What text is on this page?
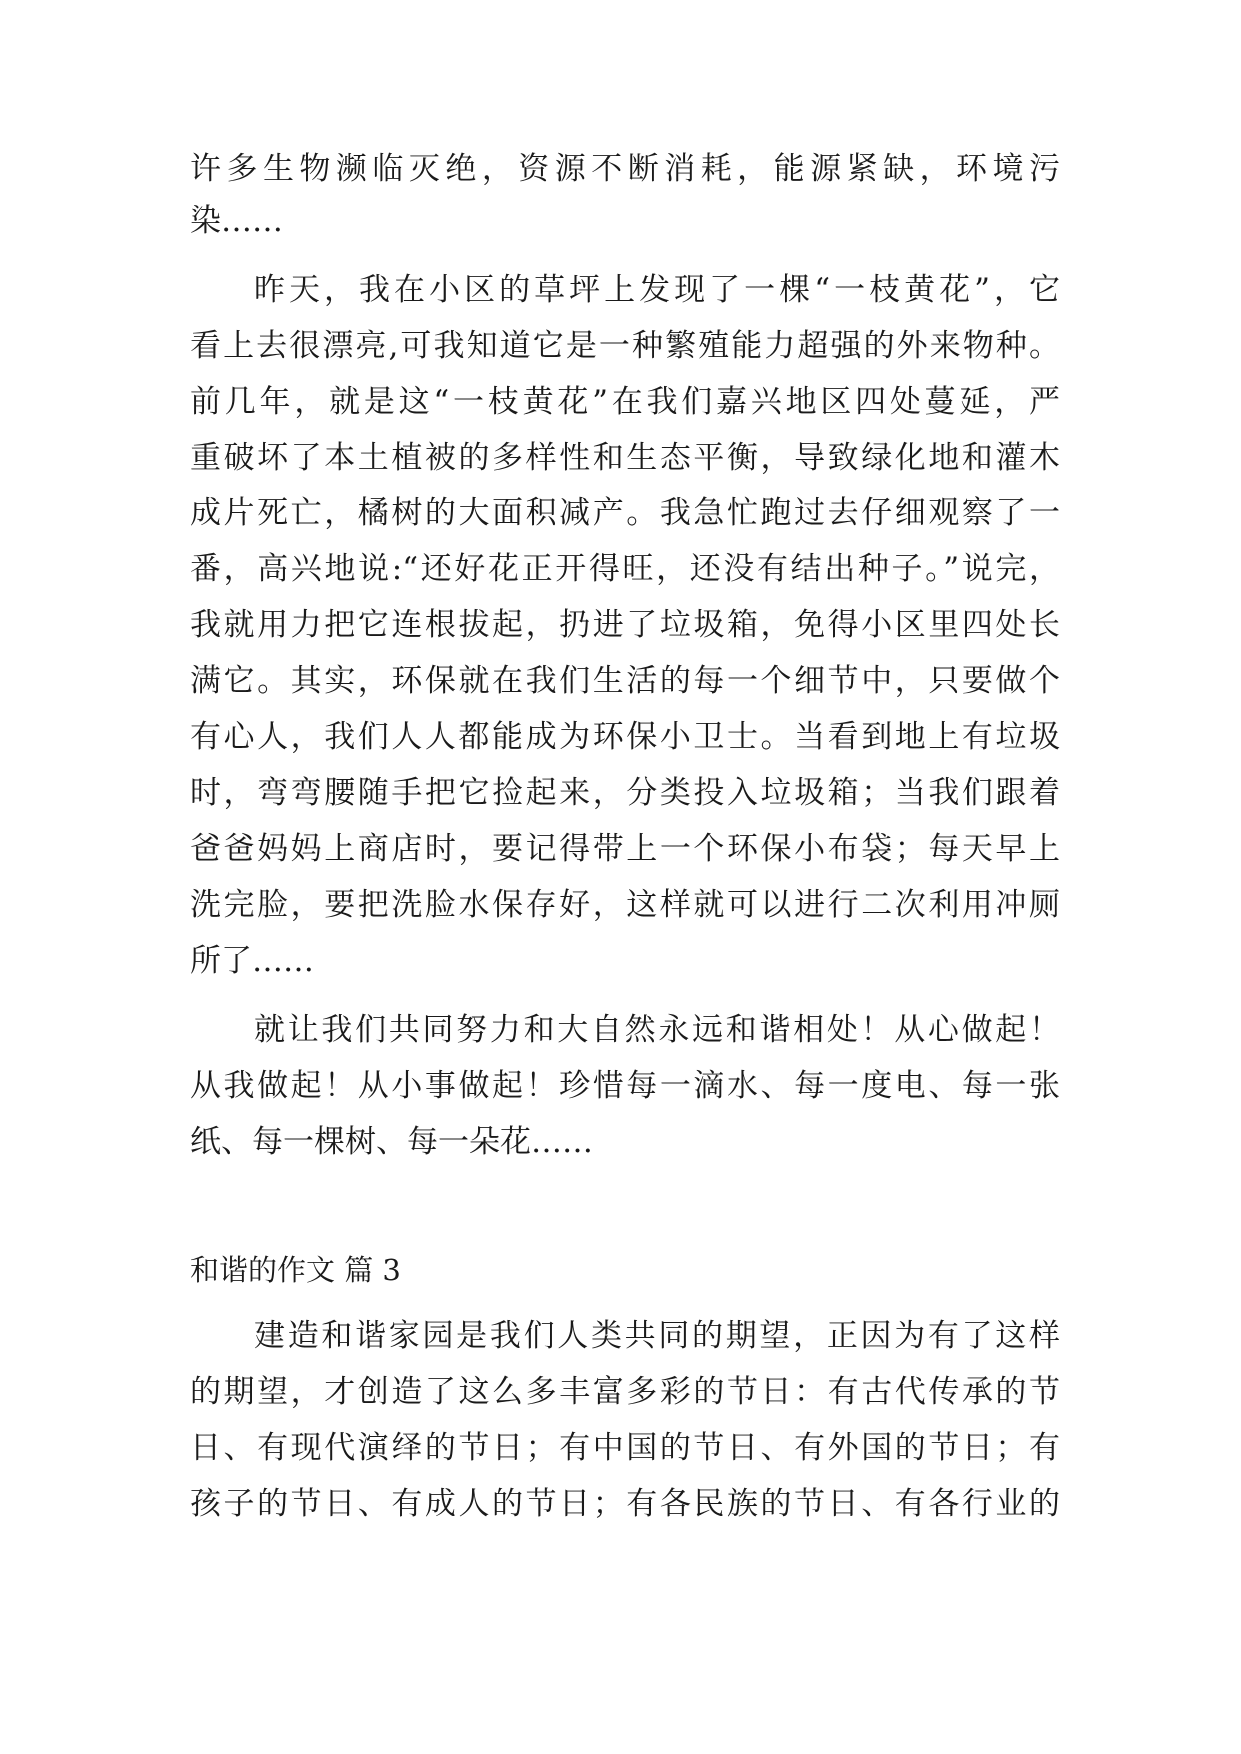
许多生物濒临灭绝，资源不断消耗，能源紧缺，环境污
染……
昨天，我在小区的草坪上发现了一棵“一枝黄花”，它
看上去很漂亮,可我知道它是一种繁殖能力超强的外来物种。
前几年，就是这“一枝黄花”在我们嘉兴地区四处蔓延，严
重破坏了本土植被的多样性和生态平衡，导致绿化地和灌木
成片死亡，橘树的大面积减产。我急忙跑过去仔细观察了一
番，高兴地说:“还好花正开得旺，还没有结出种子。”说完，
我就用力把它连根拔起，扔进了垃圾箱，免得小区里四处长
满它。其实，环保就在我们生活的每一个细节中，只要做个
有心人，我们人人都能成为环保小卫士。当看到地上有垃圾
时，弯弯腰随手把它捡起来，分类投入垃圾箱；当我们跟着
爸爸妈妈上商店时，要记得带上一个环保小布袋；每天早上
洗完脸，要把洗脸水保存好，这样就可以进行二次利用冲厕
所了……
就让我们共同努力和大自然永远和谐相处！从心做起！
从我做起！从小事做起！珍惜每一滴水、每一度电、每一张
纸、每一棵树、每一朵花……
和谐的作文 篇 3
建造和谐家园是我们人类共同的期望，正因为有了这样
的期望，才创造了这么多丰富多彩的节日：有古代传承的节
日、有现代演绎的节日；有中国的节日、有外国的节日；有
孩子的节日、有成人的节日；有各民族的节日、有各行业的
